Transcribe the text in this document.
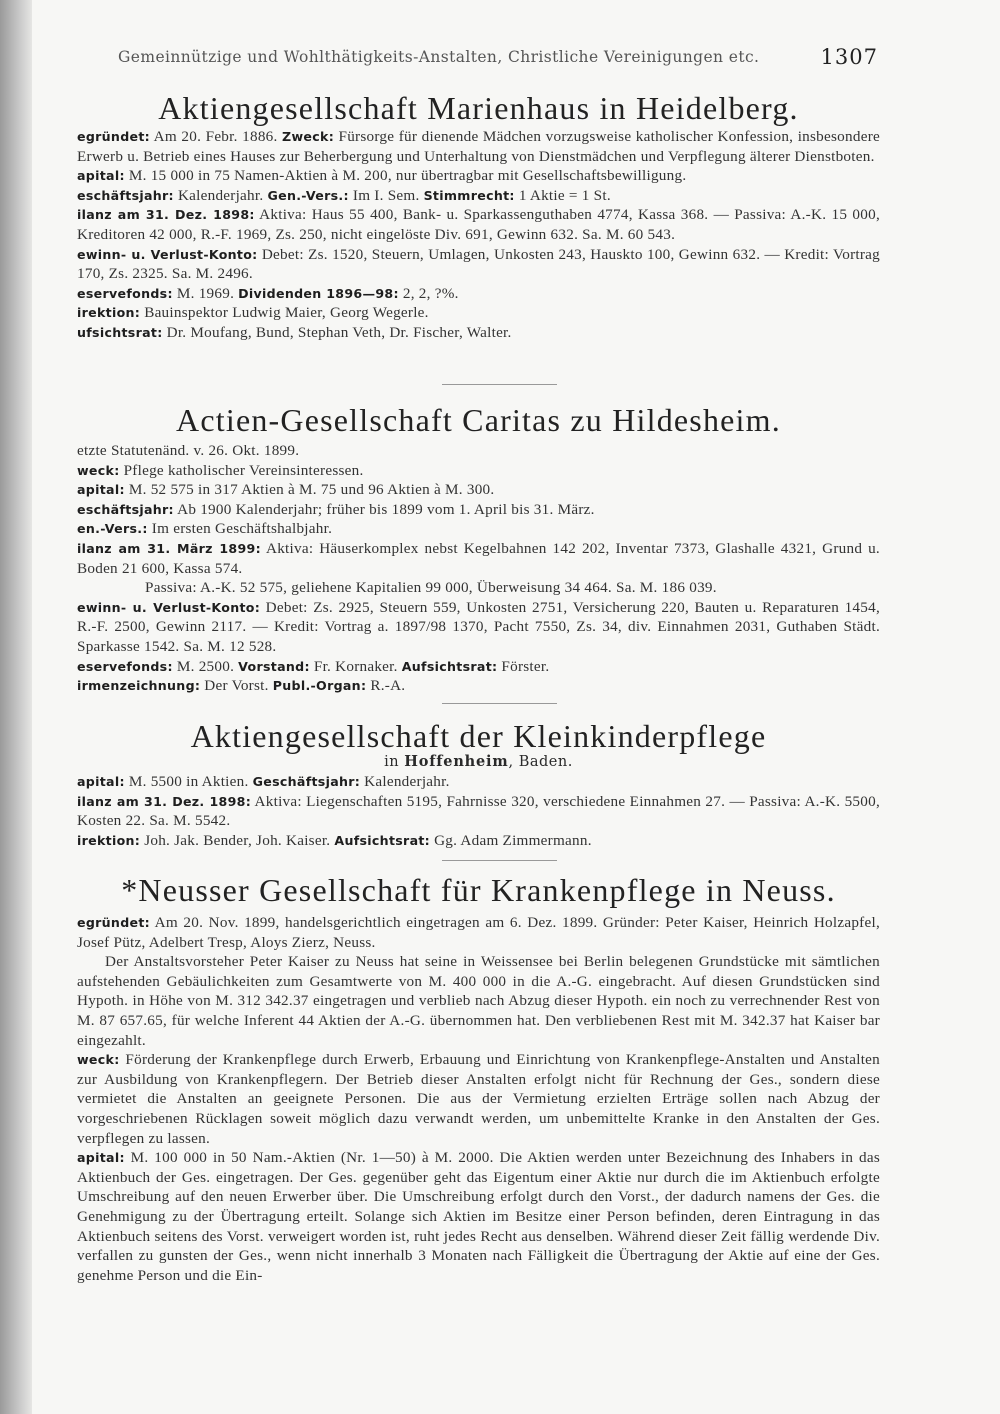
Gemeinnützige und Wohlthätigkeits-Anstalten, Christliche Vereinigungen etc.	1307
Aktiengesellschaft Marienhaus in Heidelberg.

egründet: Am 20. Febr. 1886. Zweck: Fürsorge für dienende Mädchen vorzugsweise katholischer Konfession, insbesondere Erwerb u. Betrieb eines Hauses zur Beherbergung und Unterhaltung von Dienstmädchen und Verpflegung älterer Dienstboten.

apital: M. 15 000 in 75 Namen-Aktien à M. 200, nur übertragbar mit Gesellschaftsbewilligung.

eschäftsjahr: Kalenderjahr. Gen.-Vers.: Im I. Sem. Stimmrecht: 1 Aktie = 1 St.

ilanz am 31. Dez. 1898: Aktiva: Haus 55 400, Bank- u. Sparkassenguthaben 4774, Kassa 368. — Passiva: A.-K. 15 000, Kreditoren 42 000, R.-F. 1969, Zs. 250, nicht eingelöste Div. 691, Gewinn 632. Sa. M. 60 543.

ewinn- u. Verlust-Konto: Debet: Zs. 1520, Steuern, Umlagen, Unkosten 243, Hauskto 100, Gewinn 632. — Kredit: Vortrag 170, Zs. 2325. Sa. M. 2496.

eservefonds: M. 1969. Dividenden 1896—98: 2, 2, ?%.

irektion: Bauinspektor Ludwig Maier, Georg Wegerle.

ufsichtsrat: Dr. Moufang, Bund, Stephan Veth, Dr. Fischer, Walter.

Actien-Gesellschaft Caritas zu Hildesheim.

etzte Statutenänd. v. 26. Okt. 1899.

weck: Pflege katholischer Vereinsinteressen.

apital: M. 52 575 in 317 Aktien à M. 75 und 96 Aktien à M. 300.

eschäftsjahr: Ab 1900 Kalenderjahr; früher bis 1899 vom 1. April bis 31. März.

en.-Vers.: Im ersten Geschäftshalbjahr.

ilanz am 31. März 1899: Aktiva: Häuserkomplex nebst Kegelbahnen 142 202, Inventar 7373, Glashalle 4321, Grund u. Boden 21 600, Kassa 574.

Passiva: A.-K. 52 575, geliehene Kapitalien 99 000, Überweisung 34 464. Sa. M. 186 039.

ewinn- u. Verlust-Konto: Debet: Zs. 2925, Steuern 559, Unkosten 2751, Versicherung 220, Bauten u. Reparaturen 1454, R.-F. 2500, Gewinn 2117. — Kredit: Vortrag a. 1897/98 1370, Pacht 7550, Zs. 34, div. Einnahmen 2031, Guthaben Städt. Sparkasse 1542. Sa. M. 12 528.

eservefonds: M. 2500. Vorstand: Fr. Kornaker. Aufsichtsrat: Förster.

irmenzeichnung: Der Vorst. Publ.-Organ: R.-A.

Aktiengesellschaft der Kleinkinderpflege
in Hoffenheim, Baden.

apital: M. 5500 in Aktien. Geschäftsjahr: Kalenderjahr.

ilanz am 31. Dez. 1898: Aktiva: Liegenschaften 5195, Fahrnisse 320, verschiedene Einnahmen 27. — Passiva: A.-K. 5500, Kosten 22. Sa. M. 5542.

irektion: Joh. Jak. Bender, Joh. Kaiser. Aufsichtsrat: Gg. Adam Zimmermann.

*Neusser Gesellschaft für Krankenpflege in Neuss.

egründet: Am 20. Nov. 1899, handelsgerichtlich eingetragen am 6. Dez. 1899. Gründer: Peter Kaiser, Heinrich Holzapfel, Josef Pütz, Adelbert Tresp, Aloys Zierz, Neuss.

Der Anstaltsvorsteher Peter Kaiser zu Neuss hat seine in Weissensee bei Berlin belegenen Grundstücke mit sämtlichen aufstehenden Gebäulichkeiten zum Gesamtwerte von M. 400 000 in die A.-G. eingebracht. Auf diesen Grundstücken sind Hypoth. in Höhe von M. 312 342.37 eingetragen und verblieb nach Abzug dieser Hypoth. ein noch zu verrechnender Rest von M. 87 657.65, für welche Inferent 44 Aktien der A.-G. übernommen hat. Den verbliebenen Rest mit M. 342.37 hat Kaiser bar eingezahlt.

weck: Förderung der Krankenpflege durch Erwerb, Erbauung und Einrichtung von Krankenpflege-Anstalten und Anstalten zur Ausbildung von Krankenpflegern. Der Betrieb dieser Anstalten erfolgt nicht für Rechnung der Ges., sondern diese vermietet die Anstalten an geeignete Personen. Die aus der Vermietung erzielten Erträge sollen nach Abzug der vorgeschriebenen Rücklagen soweit möglich dazu verwandt werden, um unbemittelte Kranke in den Anstalten der Ges. verpflegen zu lassen.

apital: M. 100 000 in 50 Nam.-Aktien (Nr. 1—50) à M. 2000. Die Aktien werden unter Bezeichnung des Inhabers in das Aktienbuch der Ges. eingetragen. Der Ges. gegenüber geht das Eigentum einer Aktie nur durch die im Aktienbuch erfolgte Umschreibung auf den neuen Erwerber über. Die Umschreibung erfolgt durch den Vorst., der dadurch namens der Ges. die Genehmigung zu der Übertragung erteilt. Solange sich Aktien im Besitze einer Person befinden, deren Eintragung in das Aktienbuch seitens des Vorst. verweigert worden ist, ruht jedes Recht aus denselben. Während dieser Zeit fällig werdende Div. verfallen zu gunsten der Ges., wenn nicht innerhalb 3 Monaten nach Fälligkeit die Übertragung der Aktie auf eine der Ges. genehme Person und die Ein-
